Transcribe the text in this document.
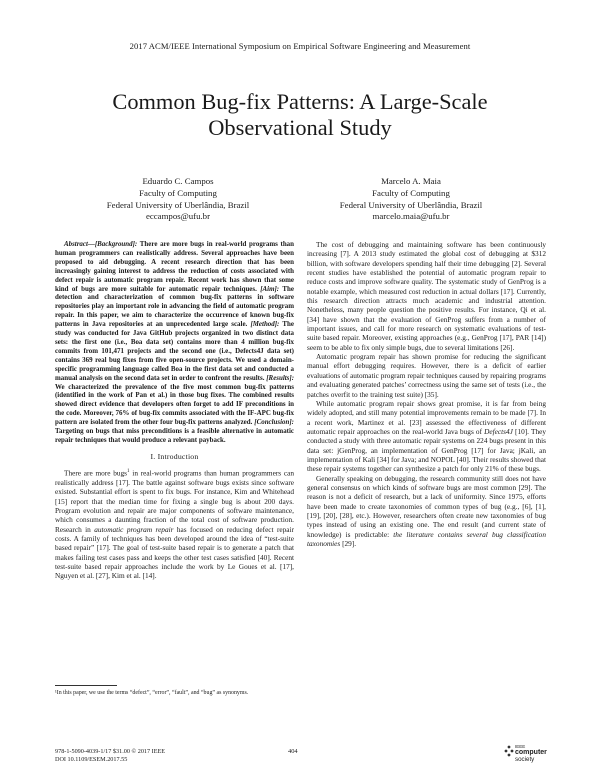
2017 ACM/IEEE International Symposium on Empirical Software Engineering and Measurement
Common Bug-fix Patterns: A Large-Scale
Observational Study
Eduardo C. Campos
Faculty of Computing
Federal University of Uberlândia, Brazil
eccampos@ufu.br
Marcelo A. Maia
Faculty of Computing
Federal University of Uberlândia, Brazil
marcelo.maia@ufu.br

Abstract—[Background]: There are more bugs in real-world programs than human programmers can realistically address. Several approaches have been proposed to aid debugging. A recent research direction that has been increasingly gaining interest to address the reduction of costs associated with defect repair is automatic program repair. Recent work has shown that some kind of bugs are more suitable for automatic repair techniques. [Aim]: The detection and characterization of common bug-fix patterns in software repositories play an important role in advancing the field of automatic program repair. In this paper, we aim to characterize the occurrence of known bug-fix patterns in Java repositories at an unprecedented large scale. [Method]: The study was conducted for Java GitHub projects organized in two distinct data sets: the first one (i.e., Boa data set) contains more than 4 million bug-fix commits from 101,471 projects and the second one (i.e., Defects4J data set) contains 369 real bug fixes from five open-source projects. We used a domain-specific programming language called Boa in the first data set and conducted a manual analysis on the second data set in order to confront the results. [Results]: We characterized the prevalence of the five most common bug-fix patterns (identified in the work of Pan et al.) in those bug fixes. The combined results showed direct evidence that developers often forget to add IF preconditions in the code. Moreover, 76% of bug-fix commits associated with the IF-APC bug-fix pattern are isolated from the other four bug-fix patterns analyzed. [Conclusion]: Targeting on bugs that miss preconditions is a feasible alternative in automatic repair techniques that would produce a relevant payback.

I. Introduction

There are more bugs$^1$ in real-world programs than human programmers can realistically address [17]. The battle against software bugs exists since software existed. Substantial effort is spent to fix bugs. For instance, Kim and Whitehead [15] report that the median time for fixing a single bug is about 200 days. Program evolution and repair are major components of software maintenance, which consumes a daunting fraction of the total cost of software production. Research in automatic program repair has focused on reducing defect repair costs. A family of techniques has been developed around the idea of “test-suite based repair” [17]. The goal of test-suite based repair is to generate a patch that makes failing test cases pass and keeps the other test cases satisfied [40]. Recent test-suite based repair approaches include the work by Le Goues et al. [17], Nguyen et al. [27], Kim et al. [14].

¹In this paper, we use the terms “defect”, “error”, “fault”, and “bug” as synonyms.

The cost of debugging and maintaining software has been continuously increasing [7]. A 2013 study estimated the global cost of debugging at $312 billion, with software developers spending half their time debugging [2]. Several recent studies have established the potential of automatic program repair to reduce costs and improve software quality. The systematic study of GenProg is a notable example, which measured cost reduction in actual dollars [17]. Currently, this research direction attracts much academic and industrial attention. Nonetheless, many people question the positive results. For instance, Qi et al. [34] have shown that the evaluation of GenProg suffers from a number of important issues, and call for more research on systematic evaluations of test-suite based repair. Moreover, existing approaches (e.g., GenProg [17], PAR [14]) seem to be able to fix only simple bugs, due to several limitations [26].

Automatic program repair has shown promise for reducing the significant manual effort debugging requires. However, there is a deficit of earlier evaluations of automatic program repair techniques caused by repairing programs and evaluating generated patches’ correctness using the same set of tests (i.e., the patches overfit to the training test suite) [35].

While automatic program repair shows great promise, it is far from being widely adopted, and still many potential improvements remain to be made [7]. In a recent work, Martinez et al. [23] assessed the effectiveness of different automatic repair approaches on the real-world Java bugs of Defects4J [10]. They conducted a study with three automatic repair systems on 224 bugs present in this data set: jGenProg, an implementation of GenProg [17] for Java; jKali, an implementation of Kali [34] for Java; and NOPOL [40]. Their results showed that these repair systems together can synthesize a patch for only 21% of these bugs.

Generally speaking on debugging, the research community still does not have general consensus on which kinds of software bugs are most common [29]. The reason is not a deficit of research, but a lack of uniformity. Since 1975, efforts have been made to create taxonomies of common types of bug (e.g., [6], [1], [19], [20], [28], etc.). However, researchers often create new taxonomies of bug types instead of using an existing one. The end result (and current state of knowledge) is predictable: the literature contains several bug classification taxonomies [29].

978-1-5090-4039-1/17 $31.00 © 2017 IEEE
DOI 10.1109/ESEM.2017.55
404
IEEE
computer
society
